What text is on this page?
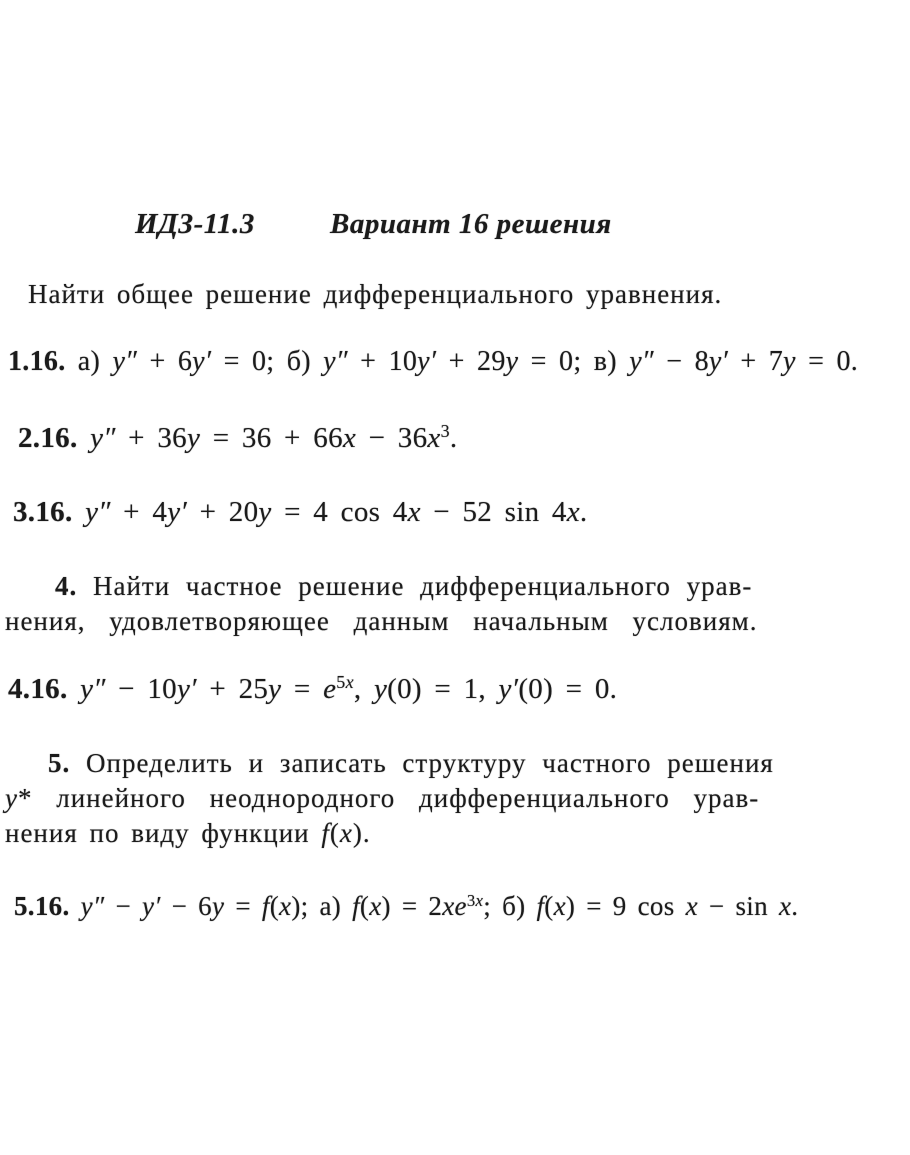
ИДЗ-11.3	Вариант 16 решения
Найти общее решение дифференциального уравнения.
1.16. а) y″ + 6y′ = 0; б) y″ + 10y′ + 29y = 0; в) y″ − 8y′ + 7y = 0.
2.16. $y'' + 36y = 36 + 66x - 36x^3$.
3.16. y″ + 4y′ + 20y = 4 cos 4x − 52 sin 4x.
4. Найти частное решение дифференциального урав-
нения, удовлетворяющее данным начальным условиям.
4.16. $y'' - 10y' + 25y = e^{5x}$, y(0) = 1, y′(0) = 0.
5. Определить и записать структуру частного решения
y* линейного неоднородного дифференциального урав-
нения по виду функции f(x).
5.16. y″ − y′ − 6y = f(x); а) $f(x) = 2xe^{3x}$; б) f(x) = 9 cos x − sin x.
